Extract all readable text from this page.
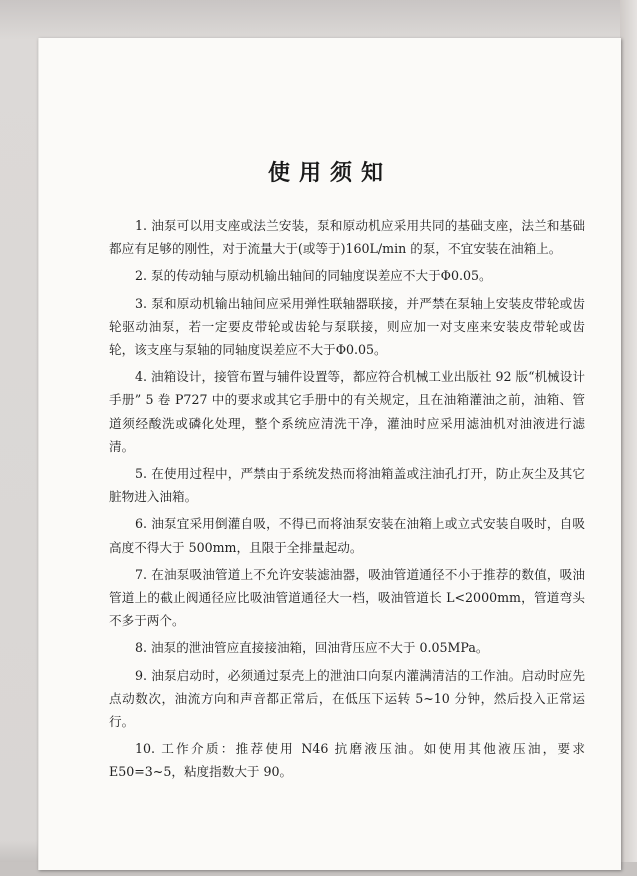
使用须知

1. 油泵可以用支座或法兰安装，泵和原动机应采用共同的基础支座，法兰和基础都应有足够的刚性，对于流量大于(或等于)160L/min 的泵，不宜安装在油箱上。

2. 泵的传动轴与原动机输出轴间的同轴度误差应不大于Φ0.05。

3. 泵和原动机输出轴间应采用弹性联轴器联接，并严禁在泵轴上安装皮带轮或齿轮驱动油泵，若一定要皮带轮或齿轮与泵联接，则应加一对支座来安装皮带轮或齿轮，该支座与泵轴的同轴度误差应不大于Φ0.05。

4. 油箱设计，接管布置与辅件设置等，都应符合机械工业出版社 92 版“机械设计手册” 5 卷 P727 中的要求或其它手册中的有关规定，且在油箱灌油之前，油箱、管道须经酸洗或磷化处理，整个系统应清洗干净，灌油时应采用滤油机对油液进行滤清。

5. 在使用过程中，严禁由于系统发热而将油箱盖或注油孔打开，防止灰尘及其它脏物进入油箱。

6. 油泵宜采用倒灌自吸，不得已而将油泵安装在油箱上或立式安装自吸时，自吸高度不得大于 500mm，且限于全排量起动。

7. 在油泵吸油管道上不允许安装滤油器，吸油管道通径不小于推荐的数值，吸油管道上的截止阀通径应比吸油管道通径大一档，吸油管道长 L<2000mm，管道弯头不多于两个。

8. 油泵的泄油管应直接接油箱，回油背压应不大于 0.05MPa。

9. 油泵启动时，必须通过泵壳上的泄油口向泵内灌满清洁的工作油。启动时应先点动数次，油流方向和声音都正常后，在低压下运转 5~10 分钟，然后投入正常运行。

10. 工作介质：推荐使用 N46 抗磨液压油。如使用其他液压油，要求 E50=3~5，粘度指数大于 90。
